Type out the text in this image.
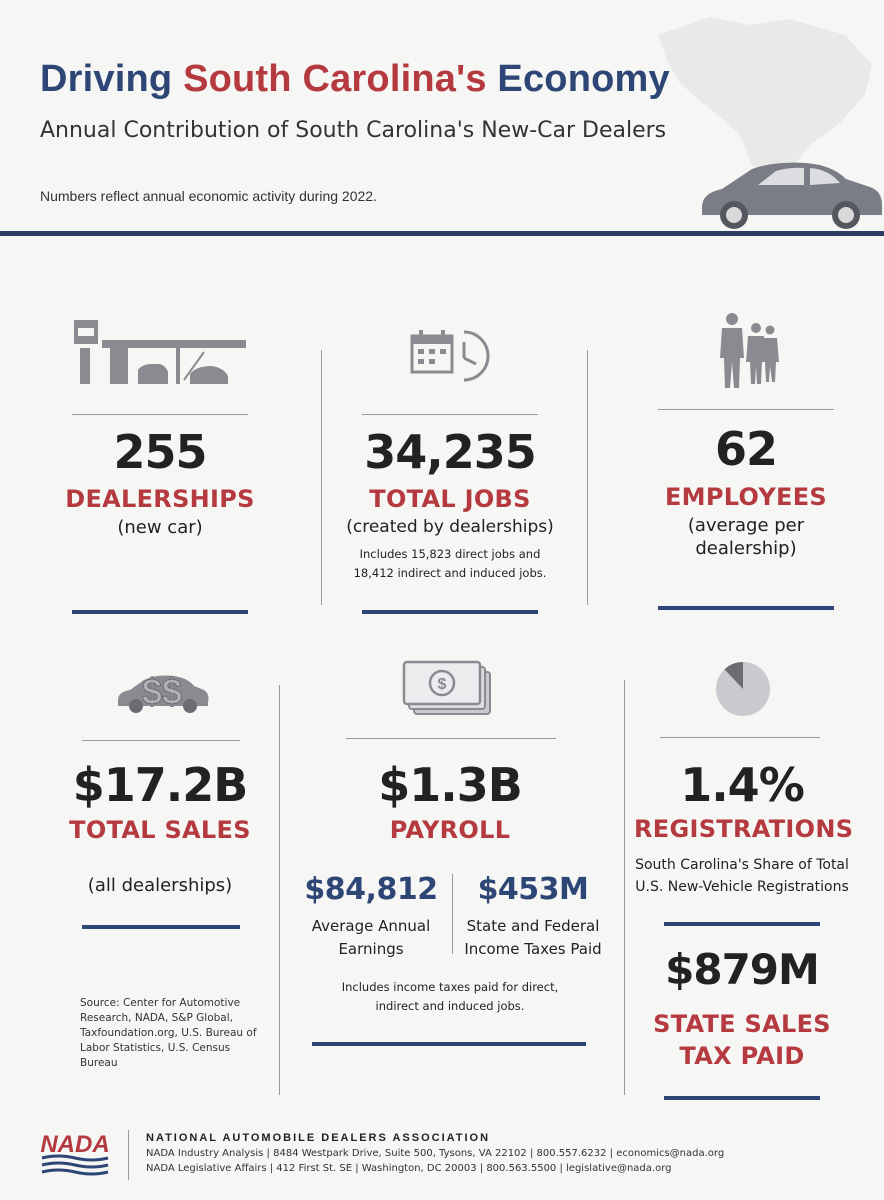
Driving South Carolina's Economy
Annual Contribution of South Carolina's New-Car Dealers
Numbers reflect annual economic activity during 2022.
255
DEALERSHIPS
(new car)
34,235
TOTAL JOBS
(created by dealerships)
Includes 15,823 direct jobs and
18,412 indirect and induced jobs.
62
EMPLOYEES
(average per
dealership)
$$
$17.2B
TOTAL SALES
(all dealerships)
Source: Center for Automotive
Research, NADA, S&P Global,
Taxfoundation.org, U.S. Bureau of
Labor Statistics, U.S. Census Bureau
$
$1.3B
PAYROLL
$84,812
Average Annual
Earnings
$453M
State and Federal
Income Taxes Paid
Includes income taxes paid for direct,
indirect and induced jobs.
1.4%
REGISTRATIONS
South Carolina's Share of Total
U.S. New-Vehicle Registrations
$879M
STATE SALES
TAX PAID
NADA	NATIONAL AUTOMOBILE DEALERS ASSOCIATION
NADA Industry Analysis | 8484 Westpark Drive, Suite 500, Tysons, VA 22102 | 800.557.6232 | economics@nada.org
NADA Legislative Affairs | 412 First St. SE | Washington, DC 20003 | 800.563.5500 | legislative@nada.org
